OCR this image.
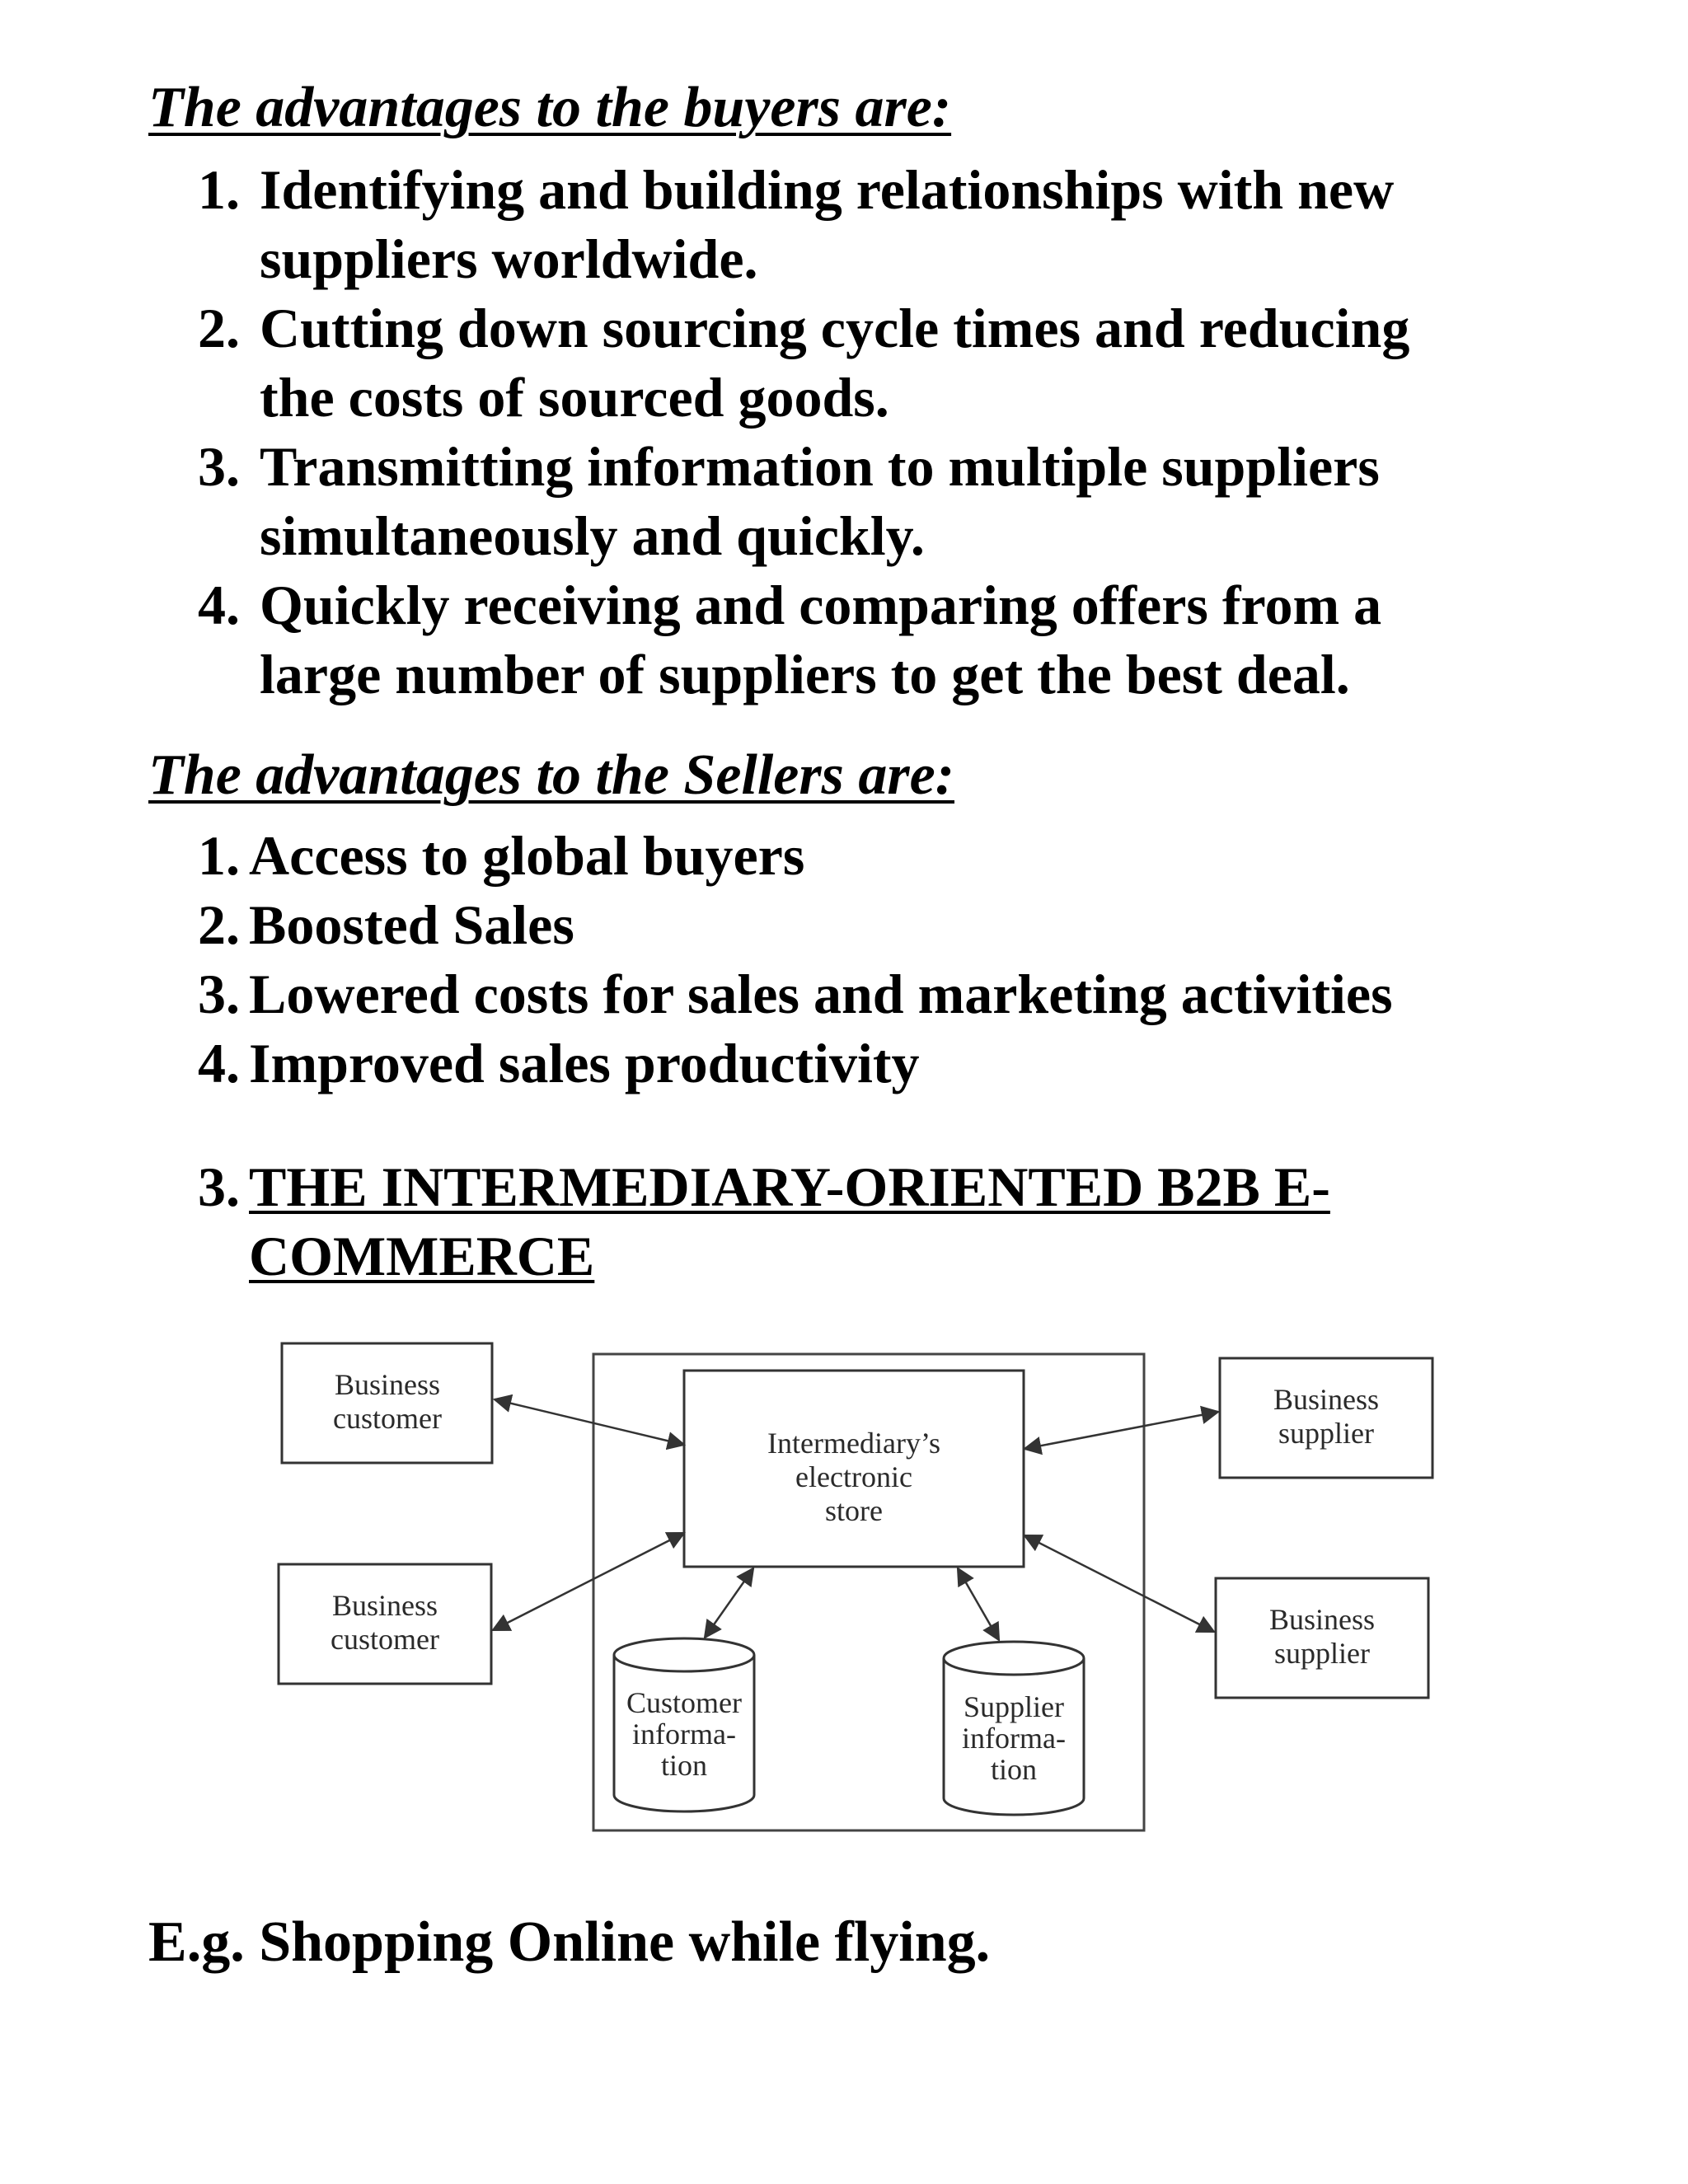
The advantages to the buyers are:
1. Identifying and building relationships with new
suppliers worldwide.
2. Cutting down sourcing cycle times and reducing
the costs of sourced goods.
3. Transmitting information to multiple suppliers
simultaneously and quickly.
4. Quickly receiving and comparing offers from a
large number of suppliers to get the best deal.
The advantages to the Sellers are:
1. Access to global buyers
2. Boosted Sales
3. Lowered costs for sales and marketing activities
4. Improved sales productivity
3. THE INTERMEDIARY-ORIENTED B2B E-
COMMERCE
Intermediary’s
electronic
store
Business
customer
Business
customer
Business
supplier
Business
supplier
Customer
informa-
tion
Supplier
informa-
tion

E.g. Shopping Online while flying.
